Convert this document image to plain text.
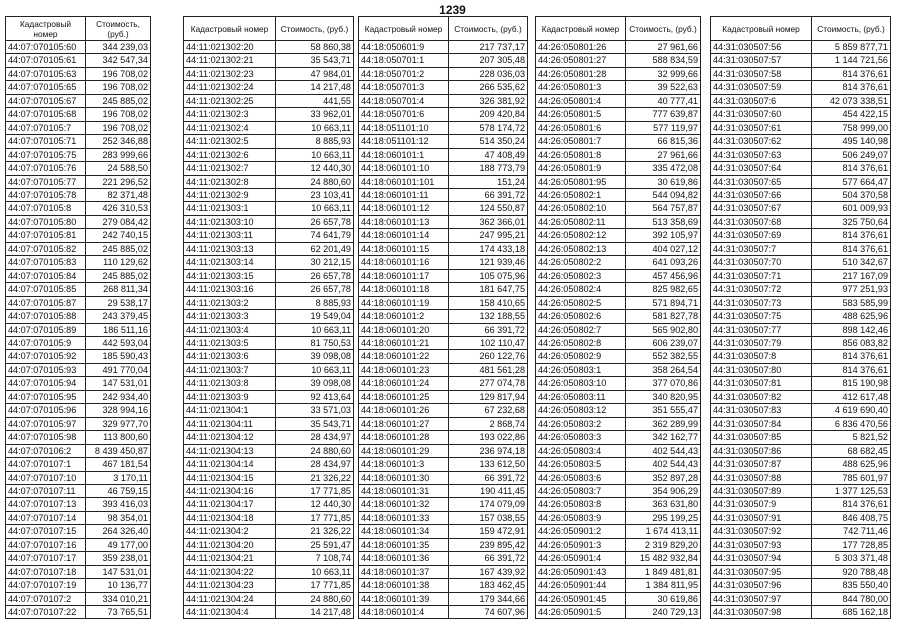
1239
Кадастровый номер	Стоимость, (руб.)
44:07:070105:60	344 239,03
44:07:070105:61	342 547,34
44:07:070105:63	196 708,02
44:07:070105:65	196 708,02
44:07:070105:67	245 885,02
44:07:070105:68	196 708,02
44:07:070105:7	196 708,02
44:07:070105:71	252 346,88
44:07:070105:75	283 999,66
44:07:070105:76	24 588,50
44:07:070105:77	221 296,52
44:07:070105:78	82 371,48
44:07:070105:8	426 310,53
44:07:070105:80	279 084,42
44:07:070105:81	242 740,15
44:07:070105:82	245 885,02
44:07:070105:83	110 129,62
44:07:070105:84	245 885,02
44:07:070105:85	268 811,34
44:07:070105:87	29 538,17
44:07:070105:88	243 379,45
44:07:070105:89	186 511,16
44:07:070105:9	442 593,04
44:07:070105:92	185 590,43
44:07:070105:93	491 770,04
44:07:070105:94	147 531,01
44:07:070105:95	242 934,40
44:07:070105:96	328 994,16
44:07:070105:97	329 977,70
44:07:070105:98	113 800,60
44:07:070106:2	8 439 450,87
44:07:070107:1	467 181,54
44:07:070107:10	3 170,11
44:07:070107:11	46 759,15
44:07:070107:13	393 416,03
44:07:070107:14	98 354,01
44:07:070107:15	264 326,40
44:07:070107:16	49 177,00
44:07:070107:17	359 238,01
44:07:070107:18	147 531,01
44:07:070107:19	10 136,77
44:07:070107:2	334 010,21
44:07:070107:22	73 765,51
Кадастровый номер	Стоимость, (руб.)
44:11:021302:20	58 860,38
44:11:021302:21	35 543,71
44:11:021302:23	47 984,01
44:11:021302:24	14 217,48
44:11:021302:25	441,55
44:11:021302:3	33 962,01
44:11:021302:4	10 663,11
44:11:021302:5	8 885,93
44:11:021302:6	10 663,11
44:11:021302:7	12 440,30
44:11:021302:8	24 880,60
44:11:021302:9	23 103,41
44:11:021303:1	10 663,11
44:11:021303:10	26 657,78
44:11:021303:11	74 641,79
44:11:021303:13	62 201,49
44:11:021303:14	30 212,15
44:11:021303:15	26 657,78
44:11:021303:16	26 657,78
44:11:021303:2	8 885,93
44:11:021303:3	19 549,04
44:11:021303:4	10 663,11
44:11:021303:5	81 750,53
44:11:021303:6	39 098,08
44:11:021303:7	10 663,11
44:11:021303:8	39 098,08
44:11:021303:9	92 413,64
44:11:021304:1	33 571,03
44:11:021304:11	35 543,71
44:11:021304:12	28 434,97
44:11:021304:13	24 880,60
44:11:021304:14	28 434,97
44:11:021304:15	21 326,22
44:11:021304:16	17 771,85
44:11:021304:17	12 440,30
44:11:021304:18	17 771,85
44:11:021304:2	21 326,22
44:11:021304:20	25 591,47
44:11:021304:21	7 108,74
44:11:021304:22	10 663,11
44:11:021304:23	17 771,85
44:11:021304:24	24 880,60
44:11:021304:4	14 217,48
Кадастровый номер	Стоимость, (руб.)
44:18:050601:9	217 737,17
44:18:050701:1	207 305,48
44:18:050701:2	228 036,03
44:18:050701:3	266 535,62
44:18:050701:4	326 381,92
44:18:050701:6	209 420,84
44:18:051101:10	578 174,72
44:18:051101:12	514 350,24
44:18:060101:1	47 408,49
44:18:060101:10	188 773,79
44:18:060101:101	151,24
44:18:060101:11	66 391,72
44:18:060101:12	124 550,87
44:18:060101:13	362 366,01
44:18:060101:14	247 995,21
44:18:060101:15	174 433,18
44:18:060101:16	121 939,46
44:18:060101:17	105 075,96
44:18:060101:18	181 647,75
44:18:060101:19	158 410,65
44:18:060101:2	132 188,55
44:18:060101:20	66 391,72
44:18:060101:21	102 110,47
44:18:060101:22	260 122,76
44:18:060101:23	481 561,28
44:18:060101:24	277 074,78
44:18:060101:25	129 817,94
44:18:060101:26	67 232,68
44:18:060101:27	2 868,74
44:18:060101:28	193 022,86
44:18:060101:29	236 974,18
44:18:060101:3	133 612,50
44:18:060101:30	66 391,72
44:18:060101:31	190 411,45
44:18:060101:32	174 079,09
44:18:060101:33	157 038,55
44:18:060101:34	159 472,91
44:18:060101:35	239 895,42
44:18:060101:36	66 391,72
44:18:060101:37	167 439,92
44:18:060101:38	183 462,45
44:18:060101:39	179 344,66
44:18:060101:4	74 607,96
Кадастровый номер	Стоимость, (руб.)
44:26:050801:26	27 961,66
44:26:050801:27	588 834,59
44:26:050801:28	32 999,66
44:26:050801:3	39 522,63
44:26:050801:4	40 777,41
44:26:050801:5	777 639,87
44:26:050801:6	577 119,97
44:26:050801:7	66 815,36
44:26:050801:8	27 961,66
44:26:050801:9	335 472,08
44:26:050801:95	30 619,86
44:26:050802:1	544 094,82
44:26:050802:10	564 757,87
44:26:050802:11	513 358,69
44:26:050802:12	392 105,97
44:26:050802:13	404 027,12
44:26:050802:2	641 093,26
44:26:050802:3	457 456,96
44:26:050802:4	825 982,65
44:26:050802:5	571 894,71
44:26:050802:6	581 827,78
44:26:050802:7	565 902,80
44:26:050802:8	606 239,07
44:26:050802:9	552 382,55
44:26:050803:1	358 264,54
44:26:050803:10	377 070,86
44:26:050803:11	340 820,95
44:26:050803:12	351 555,47
44:26:050803:2	362 289,99
44:26:050803:3	342 162,77
44:26:050803:4	402 544,43
44:26:050803:5	402 544,43
44:26:050803:6	352 897,28
44:26:050803:7	354 906,29
44:26:050803:8	363 631,80
44:26:050803:9	295 199,25
44:26:050901:2	1 674 413,11
44:26:050901:3	2 319 829,20
44:26:050901:4	15 482 932,84
44:26:050901:43	1 849 481,81
44:26:050901:44	1 384 811,95
44:26:050901:45	30 619,86
44:26:050901:5	240 729,13
Кадастровый номер	Стоимость, (руб.)
44:31:030507:56	5 859 877,71
44:31:030507:57	1 144 721,56
44:31:030507:58	814 376,61
44:31:030507:59	814 376,61
44:31:030507:6	42 073 338,51
44:31:030507:60	454 422,15
44:31:030507:61	758 999,00
44:31:030507:62	495 140,98
44:31:030507:63	506 249,07
44:31:030507:64	814 376,61
44:31:030507:65	577 664,47
44:31:030507:66	504 370,58
44:31:030507:67	601 009,93
44:31:030507:68	325 750,64
44:31:030507:69	814 376,61
44:31:030507:7	814 376,61
44:31:030507:70	510 342,67
44:31:030507:71	217 167,09
44:31:030507:72	977 251,93
44:31:030507:73	583 585,99
44:31:030507:75	488 625,96
44:31:030507:77	898 142,46
44:31:030507:79	856 083,82
44:31:030507:8	814 376,61
44:31:030507:80	814 376,61
44:31:030507:81	815 190,98
44:31:030507:82	412 617,48
44:31:030507:83	4 619 690,40
44:31:030507:84	6 836 470,56
44:31:030507:85	5 821,52
44:31:030507:86	68 682,45
44:31:030507:87	488 625,96
44:31:030507:88	785 601,97
44:31:030507:89	1 377 125,53
44:31:030507:9	814 376,61
44:31:030507:91	846 408,75
44:31:030507:92	742 711,46
44:31:030507:93	177 728,85
44:31:030507:94	5 303 371,48
44:31:030507:95	920 788,48
44:31:030507:96	835 550,40
44:31:030507:97	844 780,00
44:31:030507:98	685 162,18
